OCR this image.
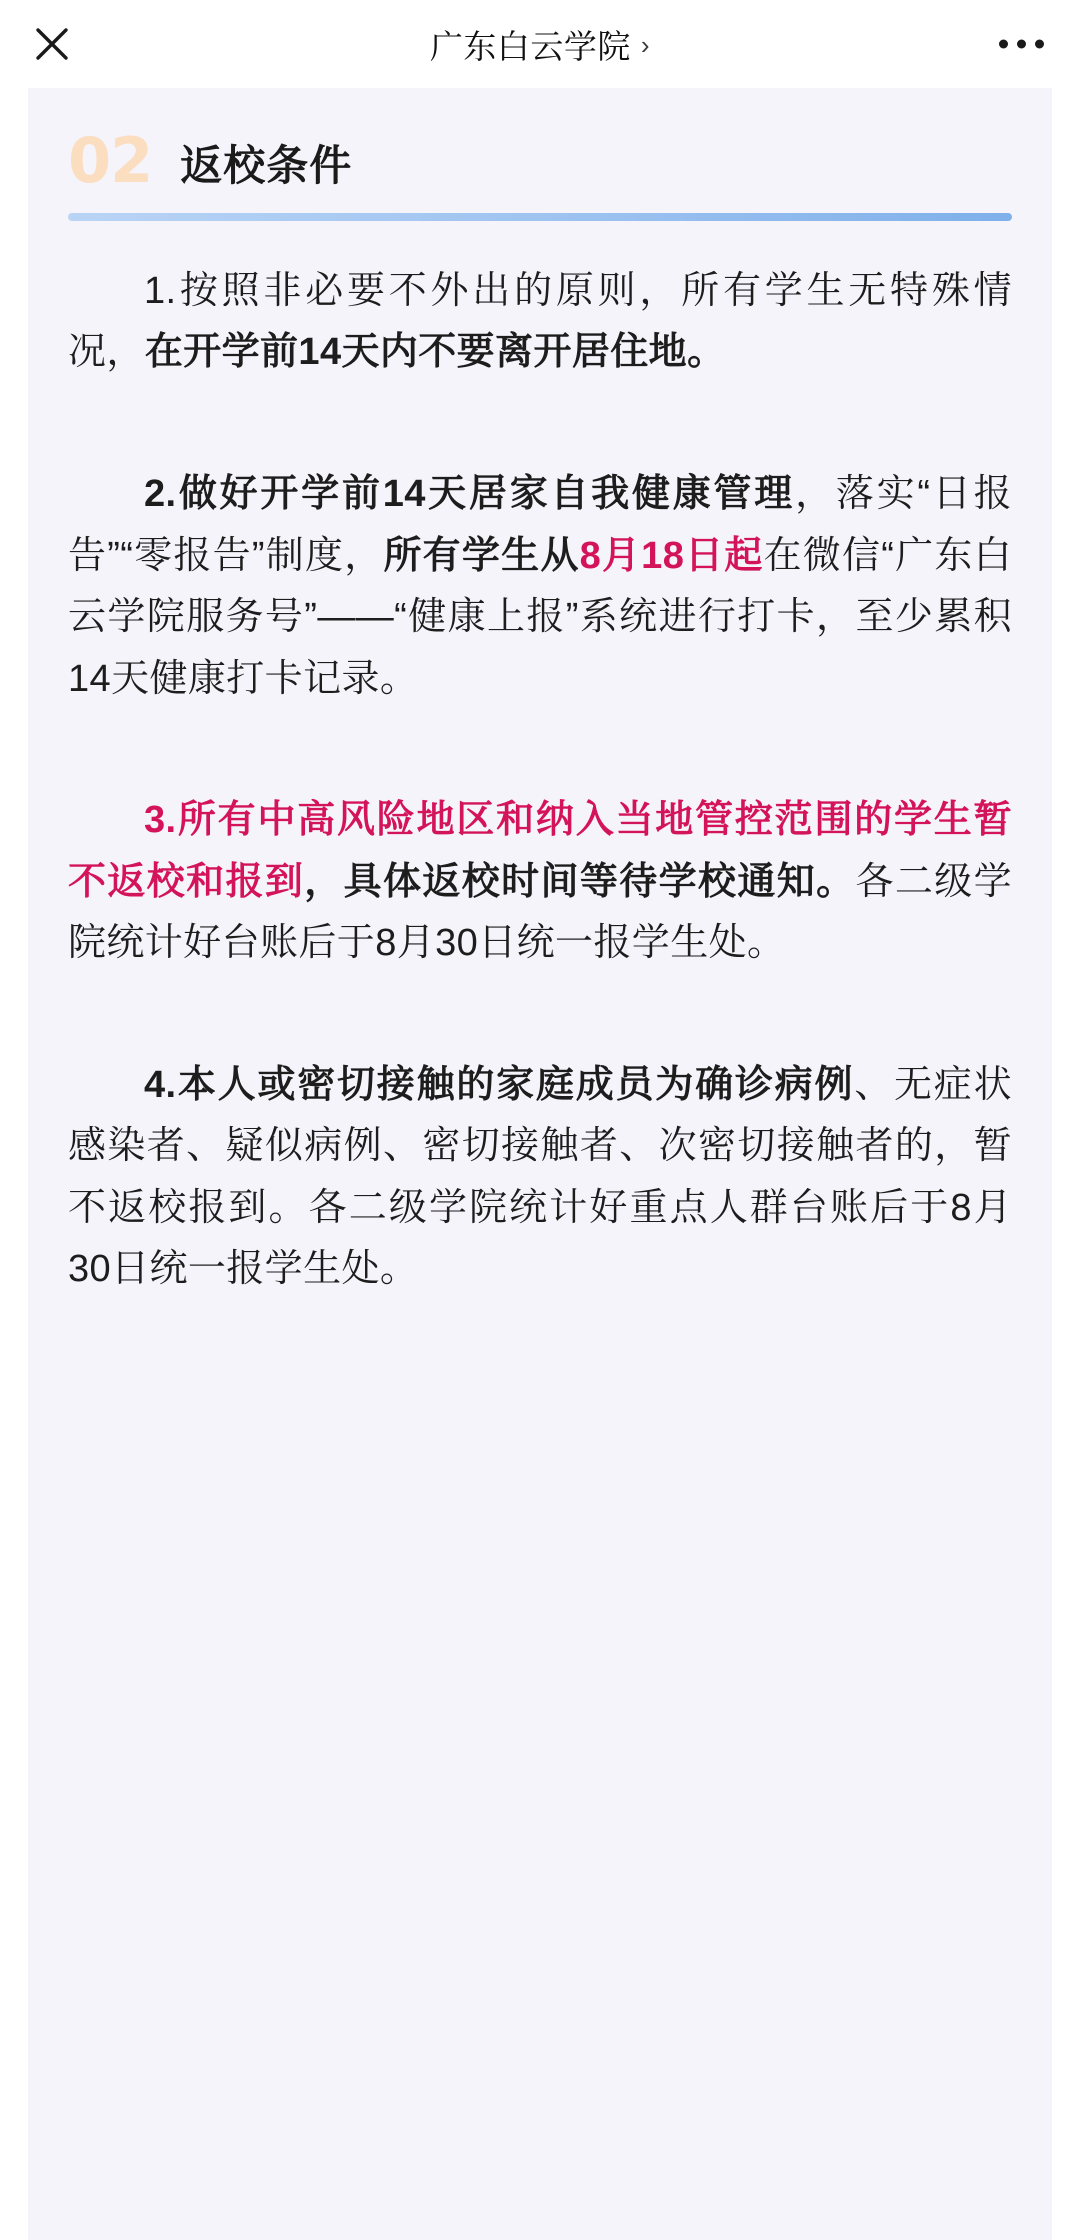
广东白云学院 ›
02 返校条件

1.按照非必要不外出的原则，所有学生无特殊情况，在开学前14天内不要离开居住地。

2.做好开学前14天居家自我健康管理，落实“日报告”“零报告”制度，所有学生从8月18日起在微信“广东白云学院服务号”——“健康上报”系统进行打卡，至少累积14天健康打卡记录。

3.所有中高风险地区和纳入当地管控范围的学生暂不返校和报到，具体返校时间等待学校通知。各二级学院统计好台账后于8月30日统一报学生处。

4.本人或密切接触的家庭成员为确诊病例、无症状感染者、疑似病例、密切接触者、次密切接触者的，暂不返校报到。各二级学院统计好重点人群台账后于8月30日统一报学生处。
